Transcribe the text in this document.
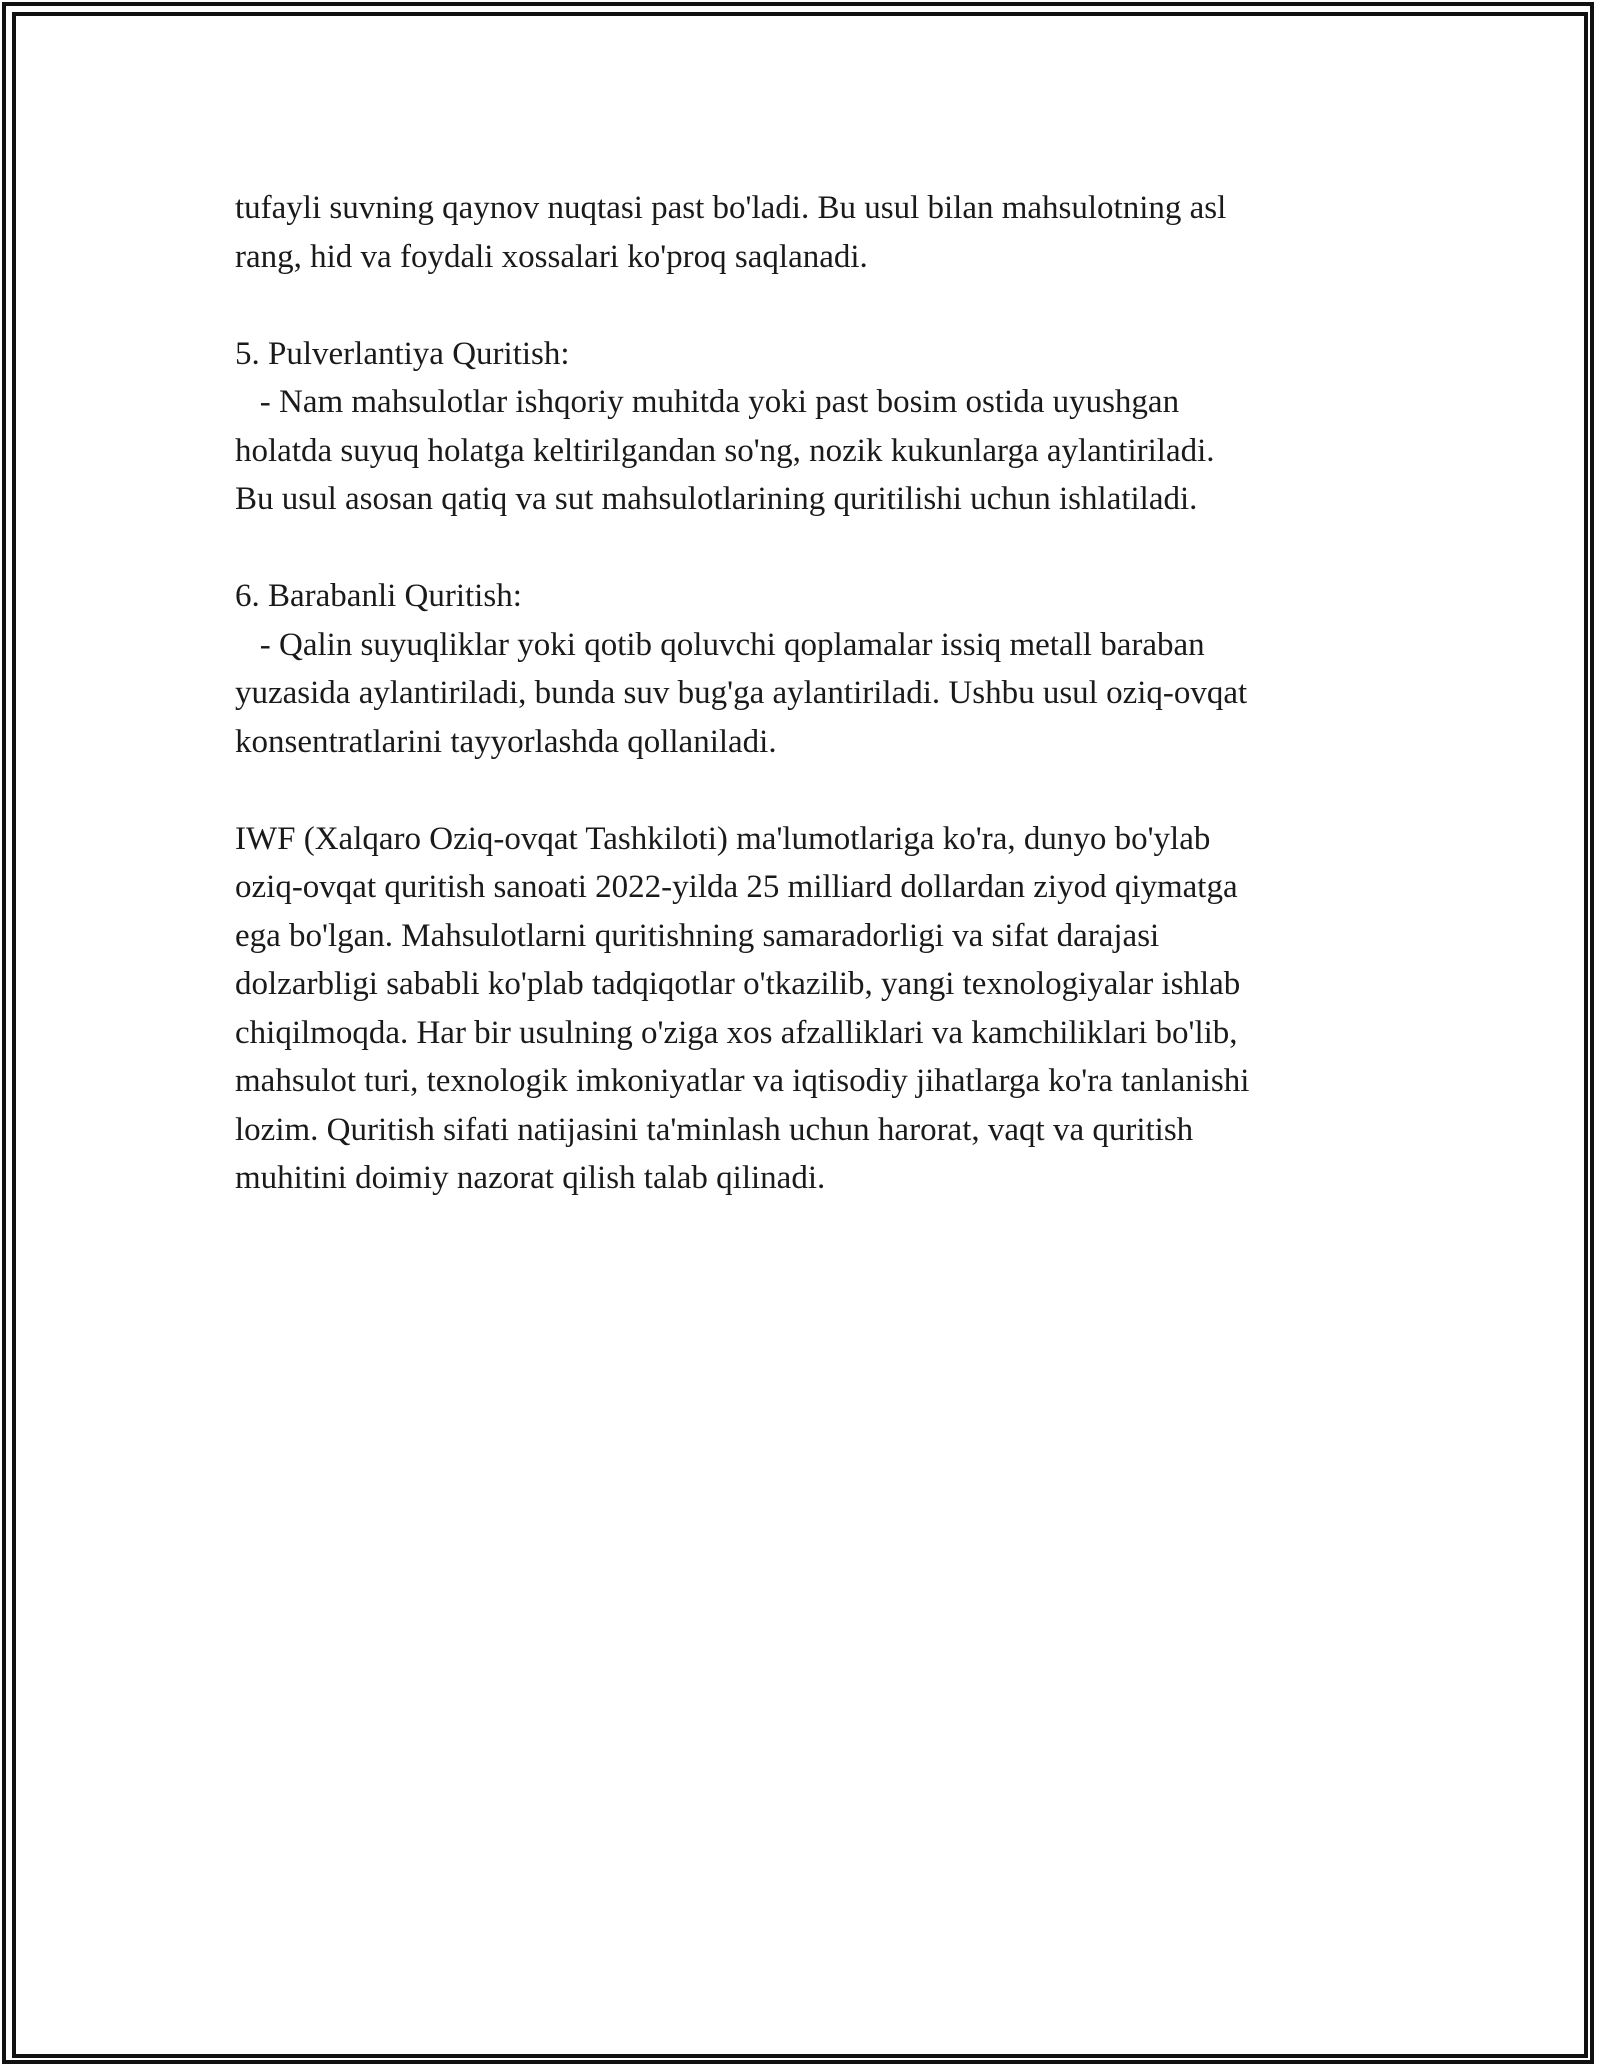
tufayli suvning qaynov nuqtasi past bo'ladi. Bu usul bilan mahsulotning asl
rang, hid va foydali xossalari ko'proq saqlanadi.
5. Pulverlantiya Quritish:
- Nam mahsulotlar ishqoriy muhitda yoki past bosim ostida uyushgan
holatda suyuq holatga keltirilgandan so'ng, nozik kukunlarga aylantiriladi.
Bu usul asosan qatiq va sut mahsulotlarining quritilishi uchun ishlatiladi.
6. Barabanli Quritish:
- Qalin suyuqliklar yoki qotib qoluvchi qoplamalar issiq metall baraban
yuzasida aylantiriladi, bunda suv bug'ga aylantiriladi. Ushbu usul oziq-ovqat
konsentratlarini tayyorlashda qollaniladi.
IWF (Xalqaro Oziq-ovqat Tashkiloti) ma'lumotlariga ko'ra, dunyo bo'ylab
oziq-ovqat quritish sanoati 2022-yilda 25 milliard dollardan ziyod qiymatga
ega bo'lgan. Mahsulotlarni quritishning samaradorligi va sifat darajasi
dolzarbligi sababli ko'plab tadqiqotlar o'tkazilib, yangi texnologiyalar ishlab
chiqilmoqda. Har bir usulning o'ziga xos afzalliklari va kamchiliklari bo'lib,
mahsulot turi, texnologik imkoniyatlar va iqtisodiy jihatlarga ko'ra tanlanishi
lozim. Quritish sifati natijasini ta'minlash uchun harorat, vaqt va quritish
muhitini doimiy nazorat qilish talab qilinadi.
